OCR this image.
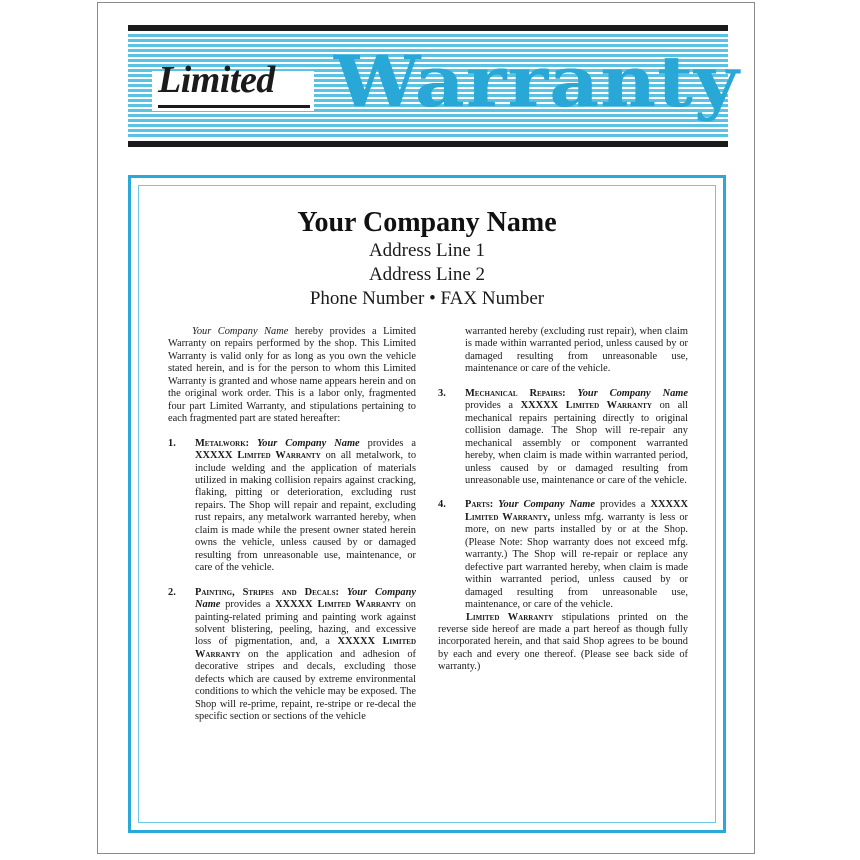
Limited Warranty
Your Company Name
Address Line 1
Address Line 2
Phone Number • FAX Number

Your Company Name hereby provides a Limited Warranty on repairs performed by the shop. This Limited Warranty is valid only for as long as you own the vehicle stated herein, and is for the person to whom this Limited Warranty is granted and whose name appears herein and on the original work order. This is a labor only, fragmented four part Limited Warranty, and stipulations pertaining to each fragmented part are stated hereafter:

1. Metalwork: Your Company Name provides a XXXXX Limited Warranty on all metalwork, to include welding and the application of materials utilized in making collision repairs against cracking, flaking, pitting or deterioration, excluding rust repairs. The Shop will repair and repaint, excluding rust repairs, any metalwork warranted hereby, when claim is made while the present owner stated herein owns the vehicle, unless caused by or damaged resulting from unreasonable use, maintenance, or care of the vehicle.
2. Painting, Stripes and Decals: Your Company Name provides a XXXXX Limited Warranty on painting-related priming and painting work against solvent blistering, peeling, hazing, and excessive loss of pigmentation, and, a XXXXX Limited Warranty on the application and adhesion of decorative stripes and decals, excluding those defects which are caused by extreme environmental conditions to which the vehicle may be exposed. The Shop will re-prime, repaint, re-stripe or re-decal the specific section or sections of the vehicle

warranted hereby (excluding rust repair), when claim is made within warranted period, unless caused by or damaged resulting from unreasonable use, maintenance or care of the vehicle.

3. Mechanical Repairs: Your Company Name provides a XXXXX Limited Warranty on all mechanical repairs pertaining directly to original collision damage. The Shop will re-repair any mechanical assembly or component warranted hereby, when claim is made within warranted period, unless caused by or damaged resulting from unreasonable use, maintenance or care of the vehicle.
4. Parts: Your Company Name provides a XXXXX Limited Warranty, unless mfg. warranty is less or more, on new parts installed by or at the Shop. (Please Note: Shop warranty does not exceed mfg. warranty.) The Shop will re-repair or replace any defective part warranted hereby, when claim is made within warranted period, unless caused by or damaged resulting from unreasonable use, maintenance, or care of the vehicle.

Limited Warranty stipulations printed on the reverse side hereof are made a part hereof as though fully incorporated herein, and that said Shop agrees to be bound by each and every one thereof. (Please see back side of warranty.)
